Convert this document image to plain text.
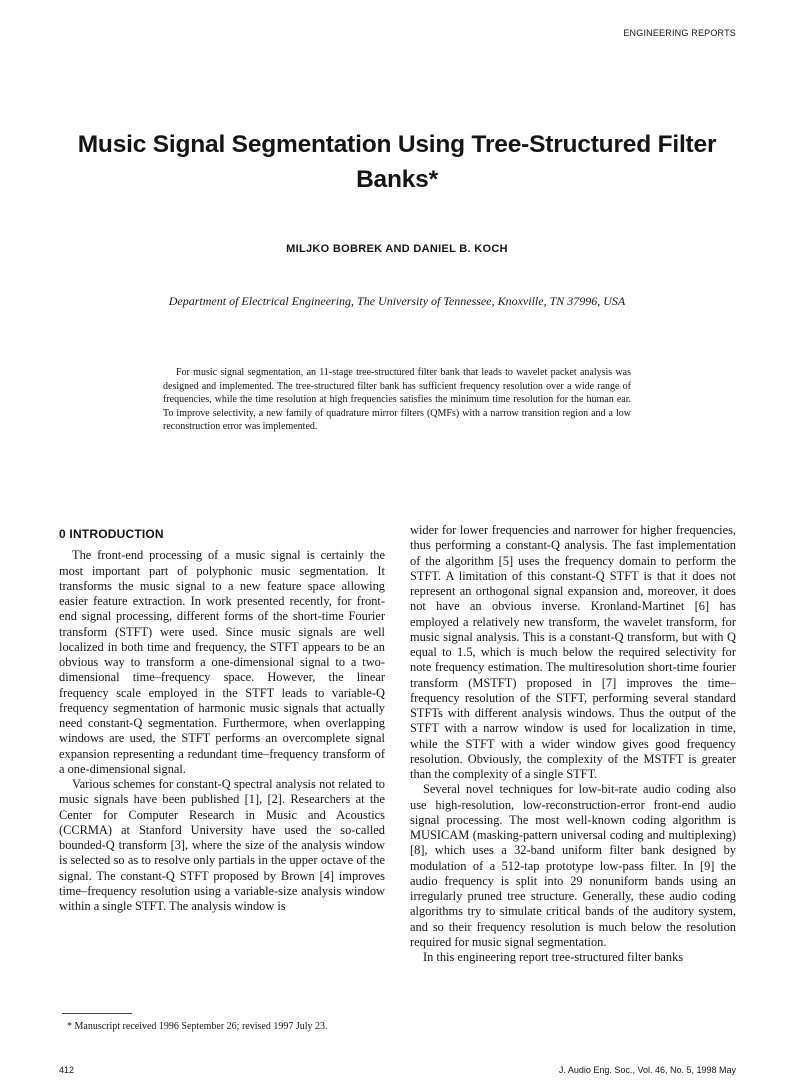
ENGINEERING REPORTS
Music Signal Segmentation Using Tree-Structured Filter Banks*
MILJKO BOBREK AND DANIEL B. KOCH
Department of Electrical Engineering, The University of Tennessee, Knoxville, TN 37996, USA

For music signal segmentation, an 11-stage tree-structured filter bank that leads to wavelet packet analysis was designed and implemented. The tree-structured filter bank has sufficient frequency resolution over a wide range of frequencies, while the time resolution at high frequencies satisfies the minimum time resolution for the human ear. To improve selectivity, a new family of quadrature mirror filters (QMFs) with a narrow transition region and a low reconstruction error was implemented.

0 INTRODUCTION

The front-end processing of a music signal is certainly the most important part of polyphonic music segmentation. It transforms the music signal to a new feature space allowing easier feature extraction. In work presented recently, for front-end signal processing, different forms of the short-time Fourier transform (STFT) were used. Since music signals are well localized in both time and frequency, the STFT appears to be an obvious way to transform a one-dimensional signal to a two-dimensional time–frequency space. However, the linear frequency scale employed in the STFT leads to variable-Q frequency segmentation of harmonic music signals that actually need constant-Q segmentation. Furthermore, when overlapping windows are used, the STFT performs an overcomplete signal expansion representing a redundant time–frequency transform of a one-dimensional signal.

Various schemes for constant-Q spectral analysis not related to music signals have been published [1], [2]. Researchers at the Center for Computer Research in Music and Acoustics (CCRMA) at Stanford University have used the so-called bounded-Q transform [3], where the size of the analysis window is selected so as to resolve only partials in the upper octave of the signal. The constant-Q STFT proposed by Brown [4] improves time–frequency resolution using a variable-size analysis window within a single STFT. The analysis window is

* Manuscript received 1996 September 26; revised 1997 July 23.

wider for lower frequencies and narrower for higher frequencies, thus performing a constant-Q analysis. The fast implementation of the algorithm [5] uses the frequency domain to perform the STFT. A limitation of this constant-Q STFT is that it does not represent an orthogonal signal expansion and, moreover, it does not have an obvious inverse. Kronland-Martinet [6] has employed a relatively new transform, the wavelet transform, for music signal analysis. This is a constant-Q transform, but with Q equal to 1.5, which is much below the required selectivity for note frequency estimation. The multiresolution short-time fourier transform (MSTFT) proposed in [7] improves the time–frequency resolution of the STFT, performing several standard STFTs with different analysis windows. Thus the output of the STFT with a narrow window is used for localization in time, while the STFT with a wider window gives good frequency resolution. Obviously, the complexity of the MSTFT is greater than the complexity of a single STFT.

Several novel techniques for low-bit-rate audio coding also use high-resolution, low-reconstruction-error front-end audio signal processing. The most well-known coding algorithm is MUSICAM (masking-pattern universal coding and multiplexing) [8], which uses a 32-band uniform filter bank designed by modulation of a 512-tap prototype low-pass filter. In [9] the audio frequency is split into 29 nonuniform bands using an irregularly pruned tree structure. Generally, these audio coding algorithms try to simulate critical bands of the auditory system, and so their frequency resolution is much below the resolution required for music signal segmentation.

In this engineering report tree-structured filter banks

412	J. Audio Eng. Soc., Vol. 46, No. 5, 1998 May
